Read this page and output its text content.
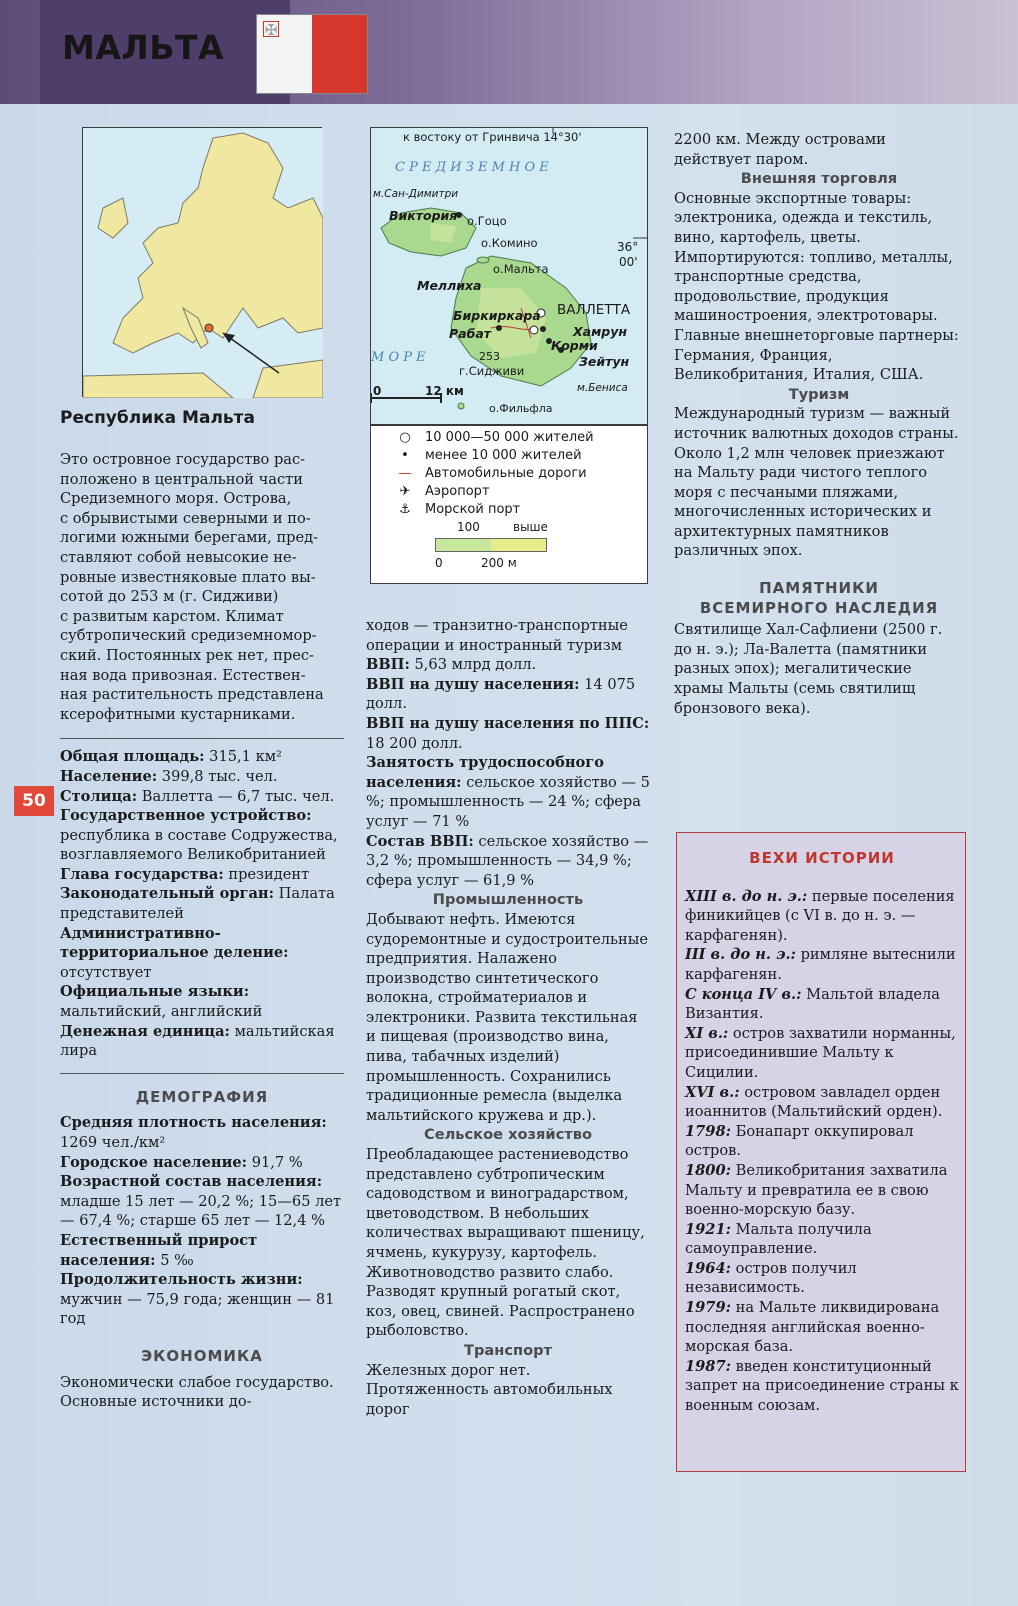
МАЛЬТА	✠
50
Республика Мальта
к востоку от Гринвича 14°30'
С Р Е Д И З Е М Н О Е
м.Сан-Димитри
Виктория о.Гоцо
о.Комино	36°
00'
о.Мальта
Меллиха
ВАЛЛЕТТА
Биркиркара
Хамрун
Рабат
Корми
М О Р Е	253	Зейтун
г.Сидживи
м.Бениса
0	12 км
о.Фильфла
○	10 000—50 000 жителей
•	менее 10 000 жителей
—	Автомобильные дороги
✈	Аэропорт
⚓	Морской порт
100	выше
0	200 м

Это островное государство рас-

положено в центральной части

Средиземного моря. Острова,

с обрывистыми северными и по-

логими южными берегами, пред-

ставляют собой невысокие не-

ровные известняковые плато вы-

сотой до 253 м (г. Сидживи)

с развитым карстом. Климат

субтропический средиземномор-

ский. Постоянных рек нет, прес-

ная вода привозная. Естествен-

ная растительность представлена

ксерофитными кустарниками.

Общая площадь: 315,1 км²

Население: 399,8 тыс. чел.

Столица: Валлетта — 6,7 тыс. чел.

Государственное устройство: республика в составе Содружества, возглавляемого Великобританией

Глава государства: президент

Законодательный орган: Палата представителей

Административно-территориальное деление: отсутствует

Официальные языки: мальтийский, английский

Денежная единица: мальтийская лира

ДЕМОГРАФИЯ

Средняя плотность населения: 1269 чел./км²

Городское население: 91,7 %

Возрастной состав населения: младше 15 лет — 20,2 %; 15—65 лет — 67,4 %; старше 65 лет — 12,4 %

Естественный прирост населения: 5 ‰

Продолжительность жизни: мужчин — 75,9 года; женщин — 81 год

ЭКОНОМИКА

Экономически слабое государство. Основные источники до-

ходов — транзитно-транспортные операции и иностранный туризм

ВВП: 5,63 млрд долл.

ВВП на душу населения: 14 075 долл.

ВВП на душу населения по ППС: 18 200 долл.

Занятость трудоспособного населения: сельское хозяйство — 5 %; промышленность — 24 %; сфера услуг — 71 %

Состав ВВП: сельское хозяйство — 3,2 %; промышленность — 34,9 %; сфера услуг — 61,9 %

Промышленность

Добывают нефть. Имеются судоремонтные и судостроительные предприятия. Налажено производство синтетического волокна, стройматериалов и электроники. Развита текстильная и пищевая (производство вина, пива, табачных изделий) промышленность. Сохранились традиционные ремесла (выделка мальтийского кружева и др.).

Сельское хозяйство

Преобладающее растениеводство представлено субтропическим садоводством и виноградарством, цветоводством. В небольших количествах выращивают пшеницу, ячмень, кукурузу, картофель. Животноводство развито слабо. Разводят крупный рогатый скот, коз, овец, свиней. Распространено рыболовство.

Транспорт

Железных дорог нет. Протяженность автомобильных дорог

2200 км. Между островами действует паром.

Внешняя торговля

Основные экспортные товары: электроника, одежда и текстиль, вино, картофель, цветы. Импортируются: топливо, металлы, транспортные средства, продовольствие, продукция машиностроения, электротовары. Главные внешнеторговые партнеры: Германия, Франция, Великобритания, Италия, США.

Туризм

Международный туризм — важный источник валютных доходов страны. Около 1,2 млн человек приезжают на Мальту ради чистого теплого моря с песчаными пляжами, многочисленных исторических и архитектурных памятников различных эпох.

ПАМЯТНИКИ
ВСЕМИРНОГО НАСЛЕДИЯ

Святилище Хал-Сафлиени (2500 г. до н. э.); Ла-Валетта (памятники разных эпох); мегалитические храмы Мальты (семь святилищ бронзового века).

ВЕХИ ИСТОРИИ

XIII в. до н. э.: первые поселения финикийцев (с VI в. до н. э. — карфагенян).

III в. до н. э.: римляне вытеснили карфагенян.

С конца IV в.: Мальтой владела Византия.

XI в.: остров захватили норманны, присоединившие Мальту к Сицилии.

XVI в.: островом завладел орден иоаннитов (Мальтийский орден).

1798: Бонапарт оккупировал остров.

1800: Великобритания захватила Мальту и превратила ее в свою военно-морскую базу.

1921: Мальта получила самоуправление.

1964: остров получил независимость.

1979: на Мальте ликвидирована последняя английская военно-морская база.

1987: введен конституционный запрет на присоединение страны к военным союзам.
